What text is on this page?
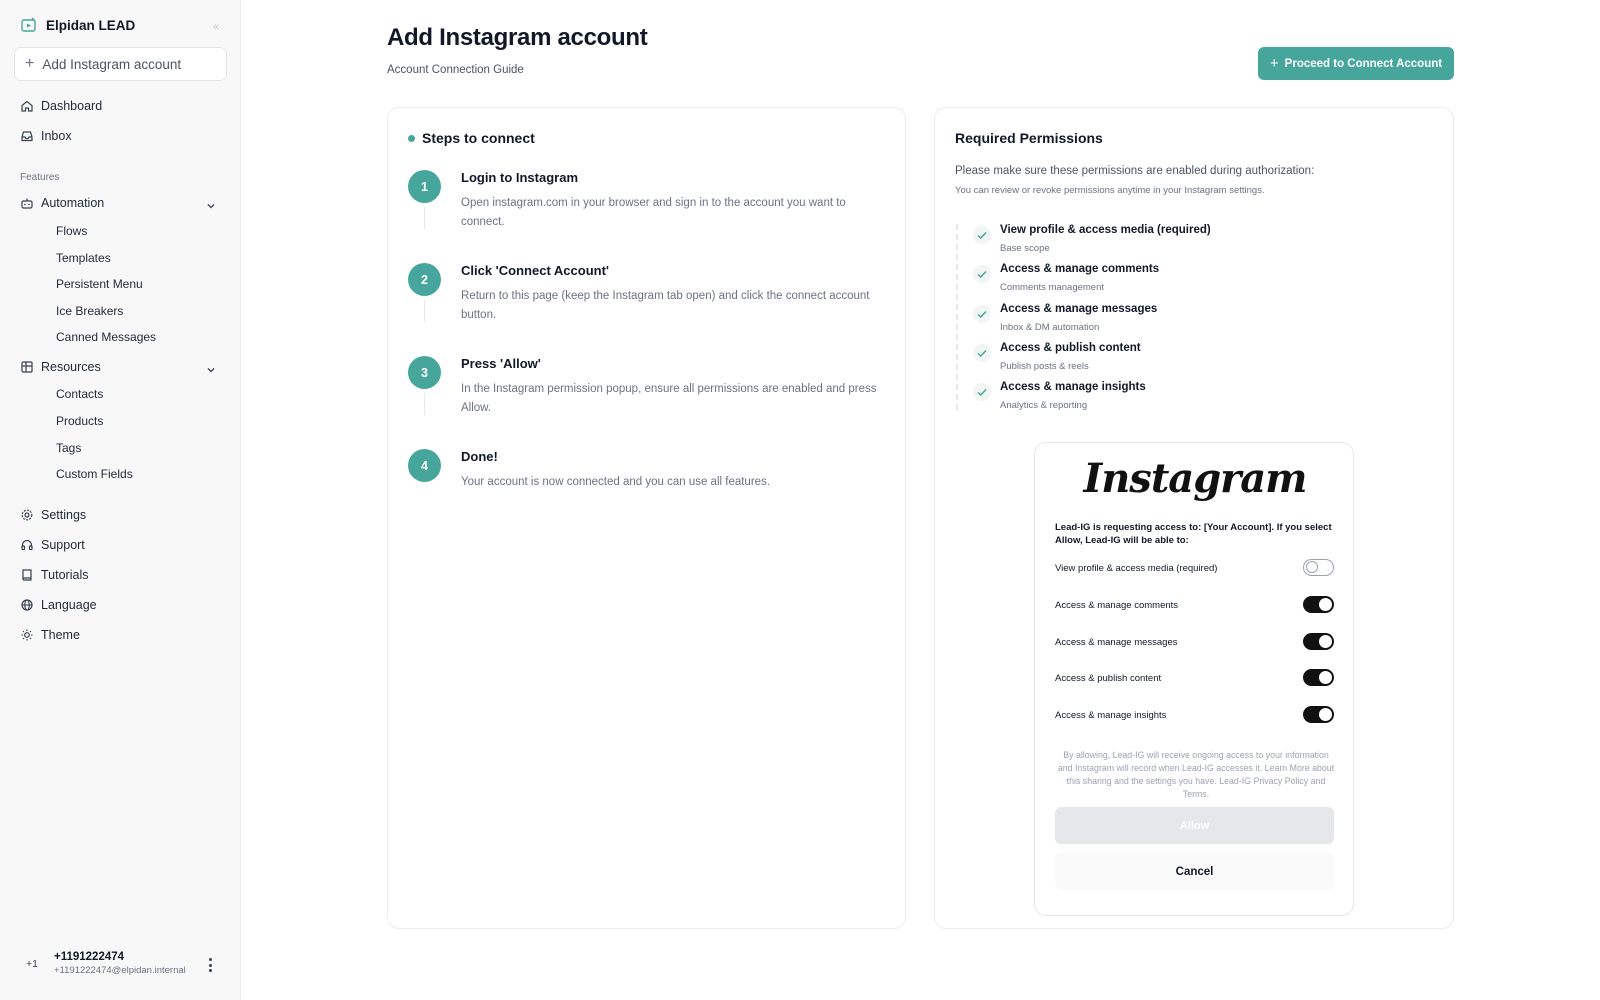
Elpidan LEAD	«
+ Add Instagram account
Dashboard
Inbox
Features
Automation
Flows
Templates
Persistent Menu
Ice Breakers
Canned Messages
Resources
Contacts
Products
Tags
Custom Fields
Settings
Support
Tutorials
Language
Theme
+1
+1191222474
+1191222474@elpidan.internal
Add Instagram account
Account Connection Guide	+ Proceed to Connect Account
Steps to connect
1
Login to Instagram
Open instagram.com in your browser and sign in to the account you want to connect.
2
Click 'Connect Account'
Return to this page (keep the Instagram tab open) and click the connect account button.
3
Press 'Allow'
In the Instagram permission popup, ensure all permissions are enabled and press Allow.
4
Done!
Your account is now connected and you can use all features.
Required Permissions
Please make sure these permissions are enabled during authorization:
You can review or revoke permissions anytime in your Instagram settings.
View profile & access media (required)
Base scope
Access & manage comments
Comments management
Access & manage messages
Inbox & DM automation
Access & publish content
Publish posts & reels
Access & manage insights
Analytics & reporting
Instagram
Lead-IG is requesting access to: [Your Account]. If you select Allow, Lead-IG will be able to:
View profile & access media (required)
Access & manage comments
Access & manage messages
Access & publish content
Access & manage insights
By allowing, Lead-IG will receive ongoing access to your information and Instagram will record when Lead-IG accesses it. Learn More about this sharing and the settings you have. Lead-IG Privacy Policy and Terms.
Allow
Cancel
